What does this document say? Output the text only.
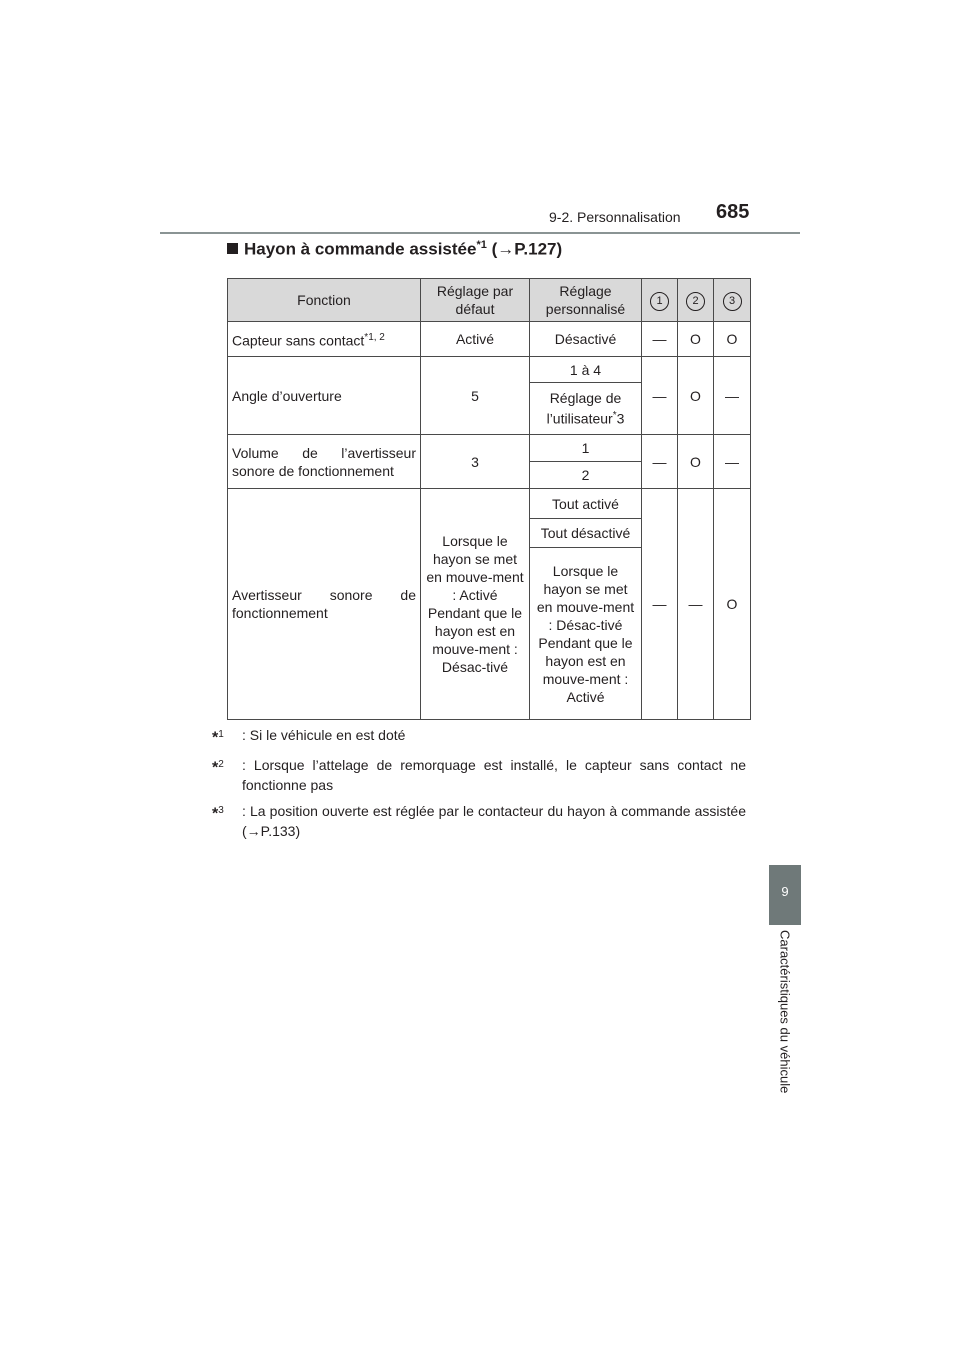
9-2. Personnalisation 685
9
Caractéristiques du véhicule
Hayon à commande assistée$^{*1}$ (→P.127)
Fonction	Réglage par défaut	Réglage personnalisé	1	2	3
Capteur sans contact$^{*1, 2}$	Activé	Désactivé	—	O	O
Angle d’ouverture	5	1 à 4	—	O	—
		Réglage de l’utilisateur*3			
Volume de l’avertisseur sonore de fonctionnement	3	1	—	O	—
		2			
Avertisseur sonore de fonctionnement	Lorsque le hayon se met en mouve-ment : Activé Pendant que le hayon est en mouve-ment : Désac-tivé	Tout activé	—	—	O
		Tout désactivé			
		Lorsque le hayon se met en mouve-ment : Désac-tivé Pendant que le hayon est en mouve-ment : Activé			
*$^1$	: Si le véhicule en est doté
*$^2$	: Lorsque l’attelage de remorquage est installé, le capteur sans contact ne fonctionne pas
*$^3$	: La position ouverte est réglée par le contacteur du hayon à commande assistée (→P.133)
